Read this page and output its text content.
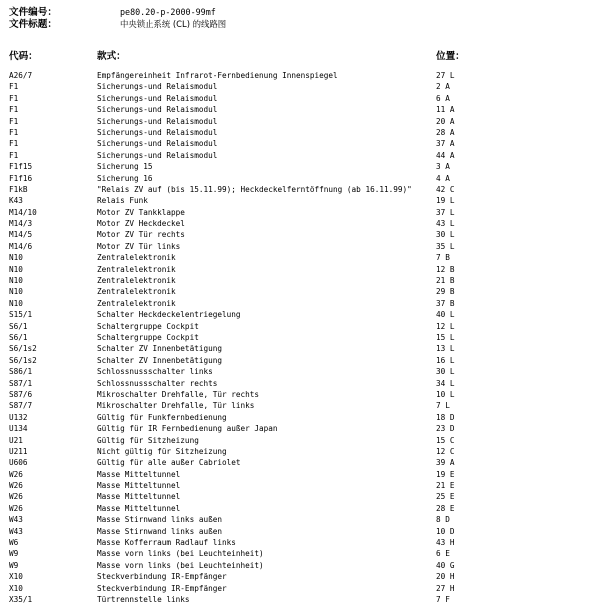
文件编号：	pe80.20-p-2000-99mf
文件标题：	中央锁止系统 (CL) 的线路图
代码：	款式：	位置：
A26/7	Empfängereinheit Infrarot-Fernbedienung Innenspiegel	27 L
F1	Sicherungs-und Relaismodul	2 A
F1	Sicherungs-und Relaismodul	6 A
F1	Sicherungs-und Relaismodul	11 A
F1	Sicherungs-und Relaismodul	20 A
F1	Sicherungs-und Relaismodul	28 A
F1	Sicherungs-und Relaismodul	37 A
F1	Sicherungs-und Relaismodul	44 A
F1f15	Sicherung 15	3 A
F1f16	Sicherung 16	4 A
F1kB	"Relais ZV auf (bis 15.11.99); Heckdeckelferntöffnung (ab 16.11.99)"	42 C
K43	Relais Funk	19 L
M14/10	Motor ZV Tankklappe	37 L
M14/3	Motor ZV Heckdeckel	43 L
M14/5	Motor ZV Tür rechts	30 L
M14/6	Motor ZV Tür links	35 L
N10	Zentralelektronik	7 B
N10	Zentralelektronik	12 B
N10	Zentralelektronik	21 B
N10	Zentralelektronik	29 B
N10	Zentralelektronik	37 B
S15/1	Schalter Heckdeckelentriegelung	40 L
S6/1	Schaltergruppe Cockpit	12 L
S6/1	Schaltergruppe Cockpit	15 L
S6/1s2	Schalter ZV Innenbetätigung	13 L
S6/1s2	Schalter ZV Innenbetätigung	16 L
S86/1	Schlossnussschalter links	30 L
S87/1	Schlossnussschalter rechts	34 L
S87/6	Mikroschalter Drehfalle, Tür rechts	10 L
S87/7	Mikroschalter Drehfalle, Tür links	7 L
U132	Gültig für Funkfernbedienung	18 D
U134	Gültig für IR Fernbedienung außer Japan	23 D
U21	Gültig für Sitzheizung	15 C
U211	Nicht gültig für Sitzheizung	12 C
U606	Gültig für alle außer Cabriolet	39 A
W26	Masse Mitteltunnel	19 E
W26	Masse Mitteltunnel	21 E
W26	Masse Mitteltunnel	25 E
W26	Masse Mitteltunnel	28 E
W43	Masse Stirnwand links außen	8 D
W43	Masse Stirnwand links außen	10 D
W6	Masse Kofferraum Radlauf links	43 H
W9	Masse vorn links (bei Leuchteinheit)	6 E
W9	Masse vorn links (bei Leuchteinheit)	40 G
X10	Steckverbindung IR-Empfänger	20 H
X10	Steckverbindung IR-Empfänger	27 H
X35/1	Türtrennstelle links	7 F
